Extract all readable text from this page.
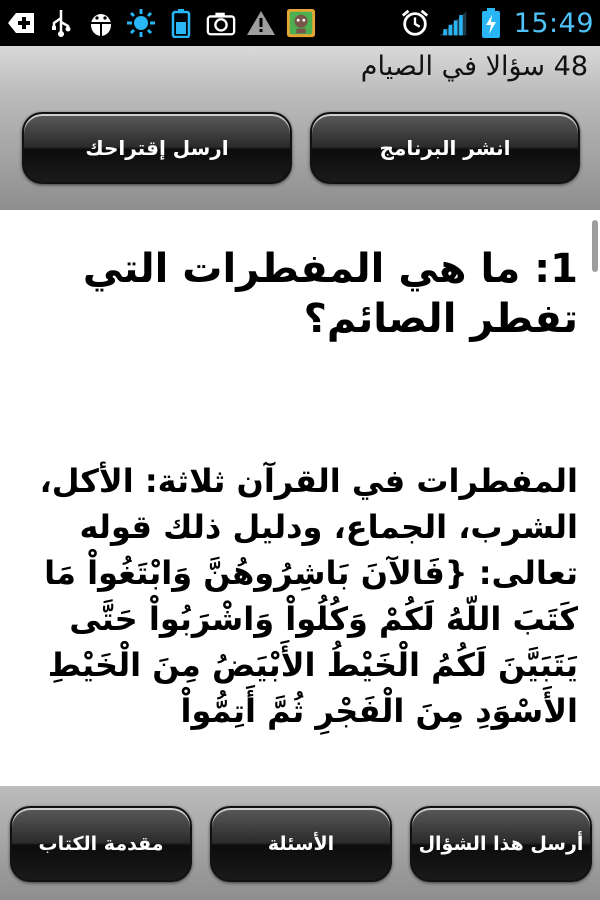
15:49
48 سؤالا في الصيام
انشر البرنامج
ارسل إقتراحك

1: ما هي المفطرات التي تفطر الصائم؟

المفطرات في القرآن ثلاثة: الأكل، الشرب، الجماع، ودليل ذلك قوله تعالى: {فَالآنَ بَاشِرُوهُنَّ وَابْتَغُواْ مَا كَتَبَ اللّهُ لَكُمْ وَكُلُواْ وَاشْرَبُواْ حَتَّى يَتَبَيَّنَ لَكُمُ الْخَيْطُ الأَبْيَضُ مِنَ الْخَيْطِ الأَسْوَدِ مِنَ الْفَجْرِ ثُمَّ أَتِمُّواْ

أرسل هذا الشؤال
الأسئلة
مقدمة الكتاب
